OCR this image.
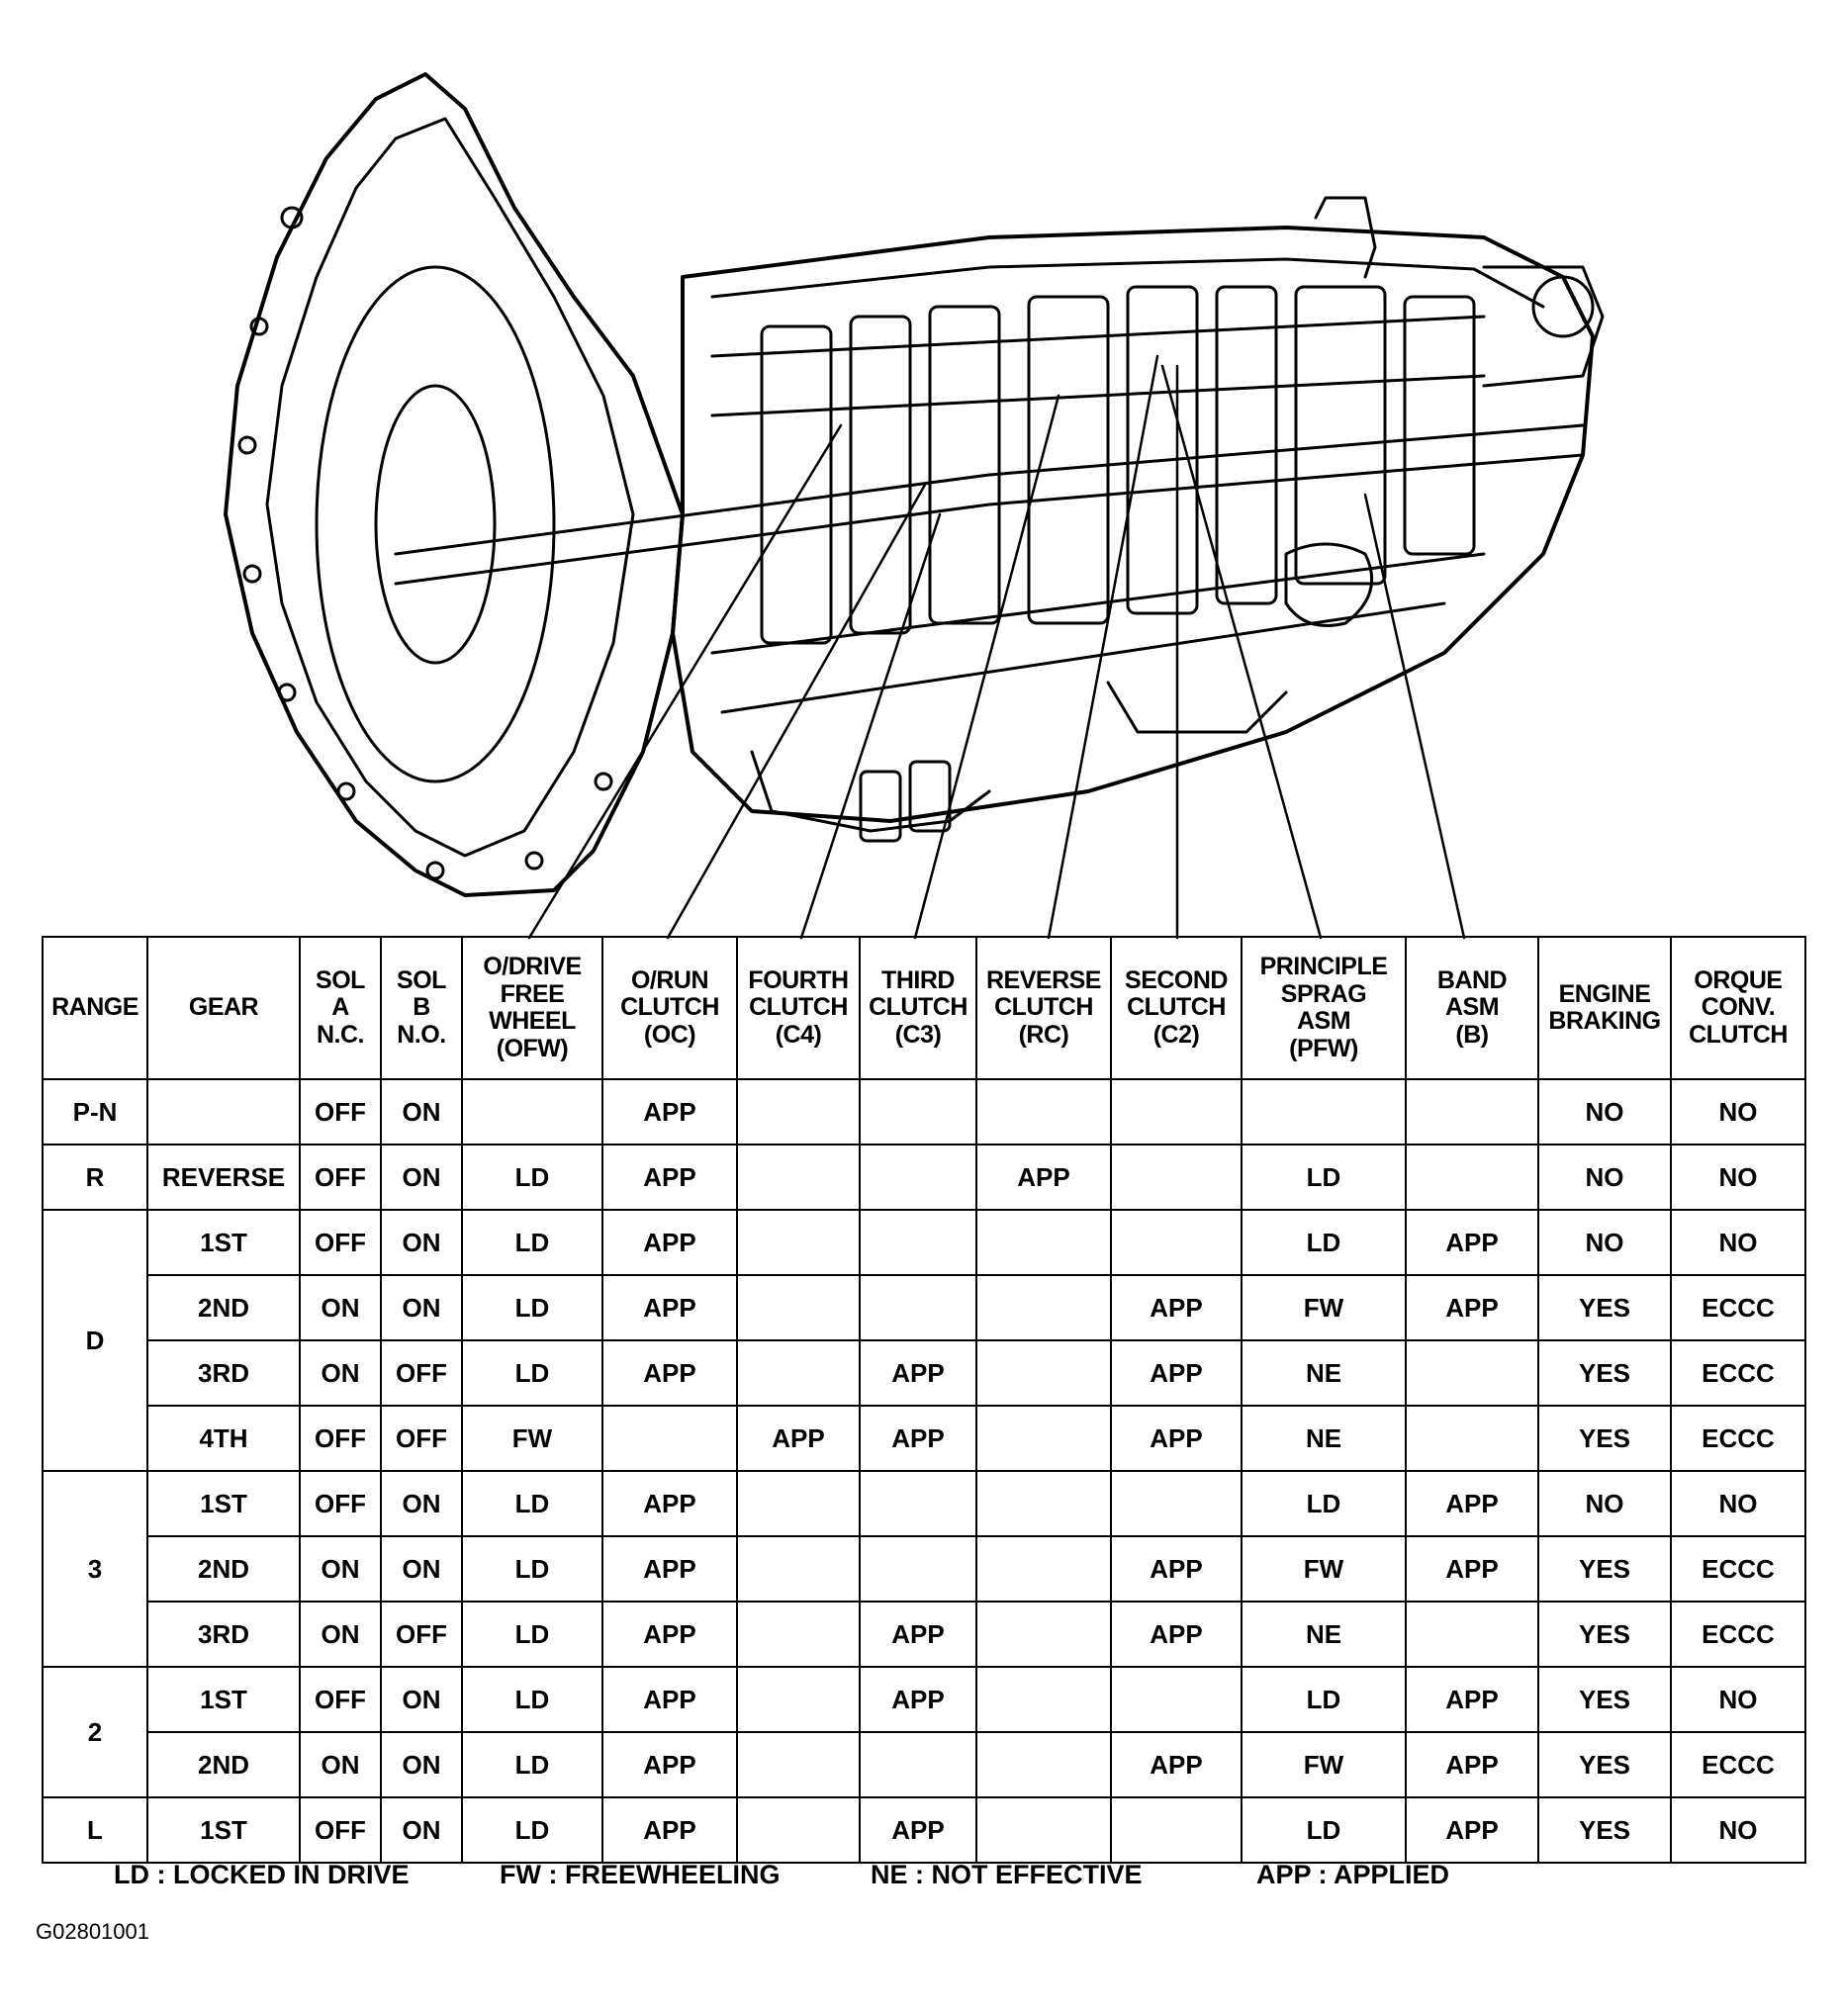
RANGE	GEAR	SOL
A
N.C.	SOL
B
N.O.	O/DRIVE
FREE
WHEEL
(OFW)	O/RUN
CLUTCH
(OC)	FOURTH
CLUTCH
(C4)	THIRD
CLUTCH
(C3)	REVERSE
CLUTCH
(RC)	SECOND
CLUTCH
(C2)	PRINCIPLE
SPRAG
ASM
(PFW)	BAND
ASM
(B)	ENGINE
BRAKING	ORQUE
CONV.
CLUTCH

P-N		OFF	ON		APP							NO	NO
R	REVERSE	OFF	ON	LD	APP			APP		LD		NO	NO
D	1ST	OFF	ON	LD	APP					LD	APP	NO	NO
	2ND	ON	ON	LD	APP				APP	FW	APP	YES	ECCC
	3RD	ON	OFF	LD	APP		APP		APP	NE		YES	ECCC
	4TH	OFF	OFF	FW		APP	APP		APP	NE		YES	ECCC
3	1ST	OFF	ON	LD	APP					LD	APP	NO	NO
	2ND	ON	ON	LD	APP				APP	FW	APP	YES	ECCC
	3RD	ON	OFF	LD	APP		APP		APP	NE		YES	ECCC
2	1ST	OFF	ON	LD	APP		APP			LD	APP	YES	NO
	2ND	ON	ON	LD	APP				APP	FW	APP	YES	ECCC
L	1ST	OFF	ON	LD	APP		APP			LD	APP	YES	NO
LD : LOCKED IN DRIVE	FW : FREEWHEELING	NE : NOT EFFECTIVE	APP : APPLIED
G02801001
